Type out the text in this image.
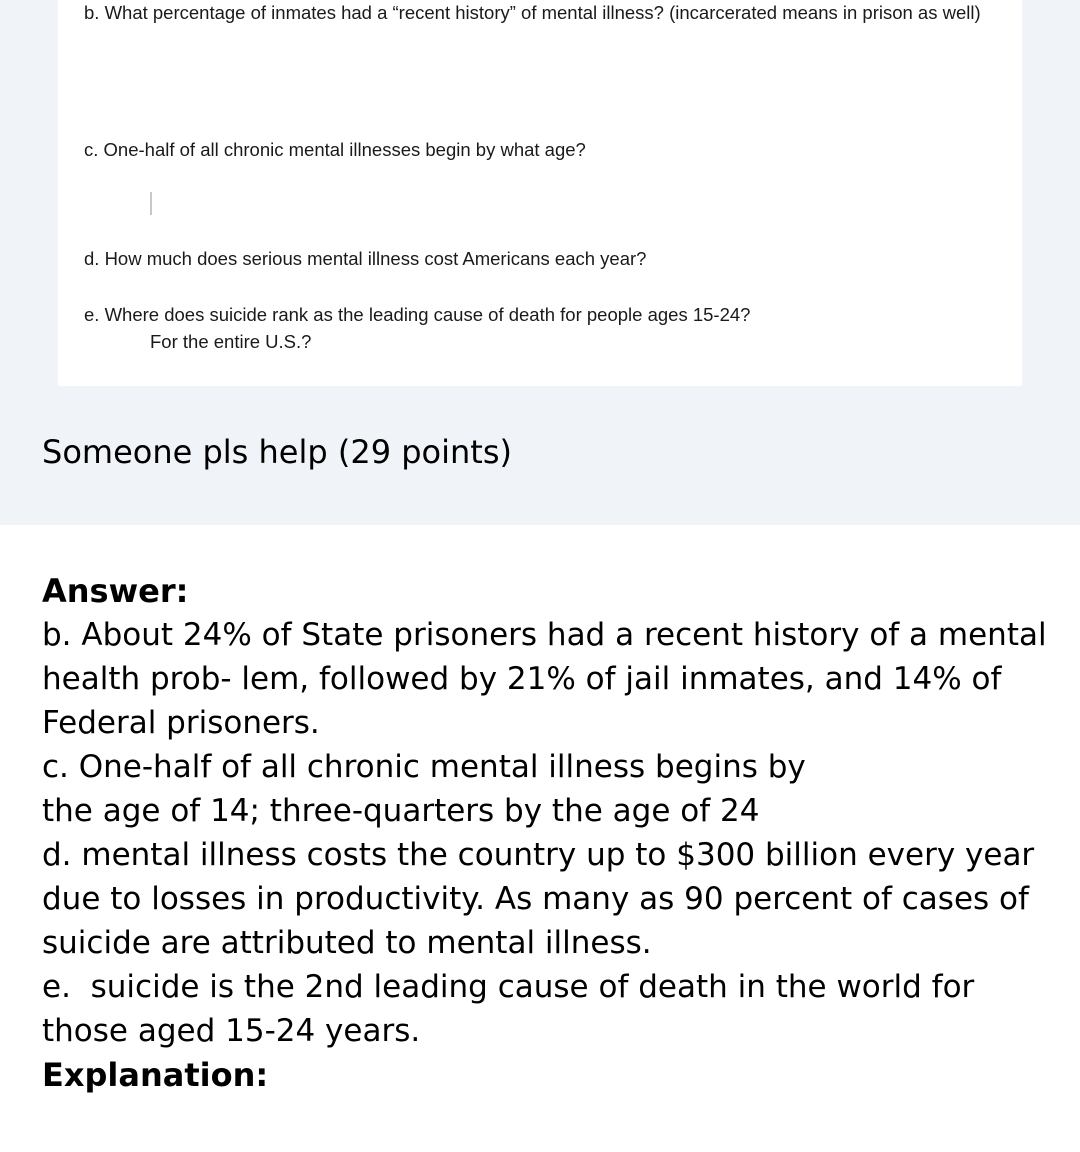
b. What percentage of inmates had a “recent history” of mental illness? (incarcerated means in prison as well)

c. One-half of all chronic mental illnesses begin by what age?

d. How much does serious mental illness cost Americans each year?

e. Where does suicide rank as the leading cause of death for people ages 15-24?

For the entire U.S.?

Someone pls help (29 points)

Answer:

b. About 24% of State prisoners had a recent history of a mental health prob- lem, followed by 21% of jail inmates, and 14% of Federal prisoners.

c. One-half of all chronic mental illness begins by

the age of 14; three-quarters by the age of 24

d. mental illness costs the country up to $300 billion every year due to losses in productivity. As many as 90 percent of cases of suicide are attributed to mental illness.

e.  suicide is the 2nd leading cause of death in the world for those aged 15-24 years.

Explanation:
